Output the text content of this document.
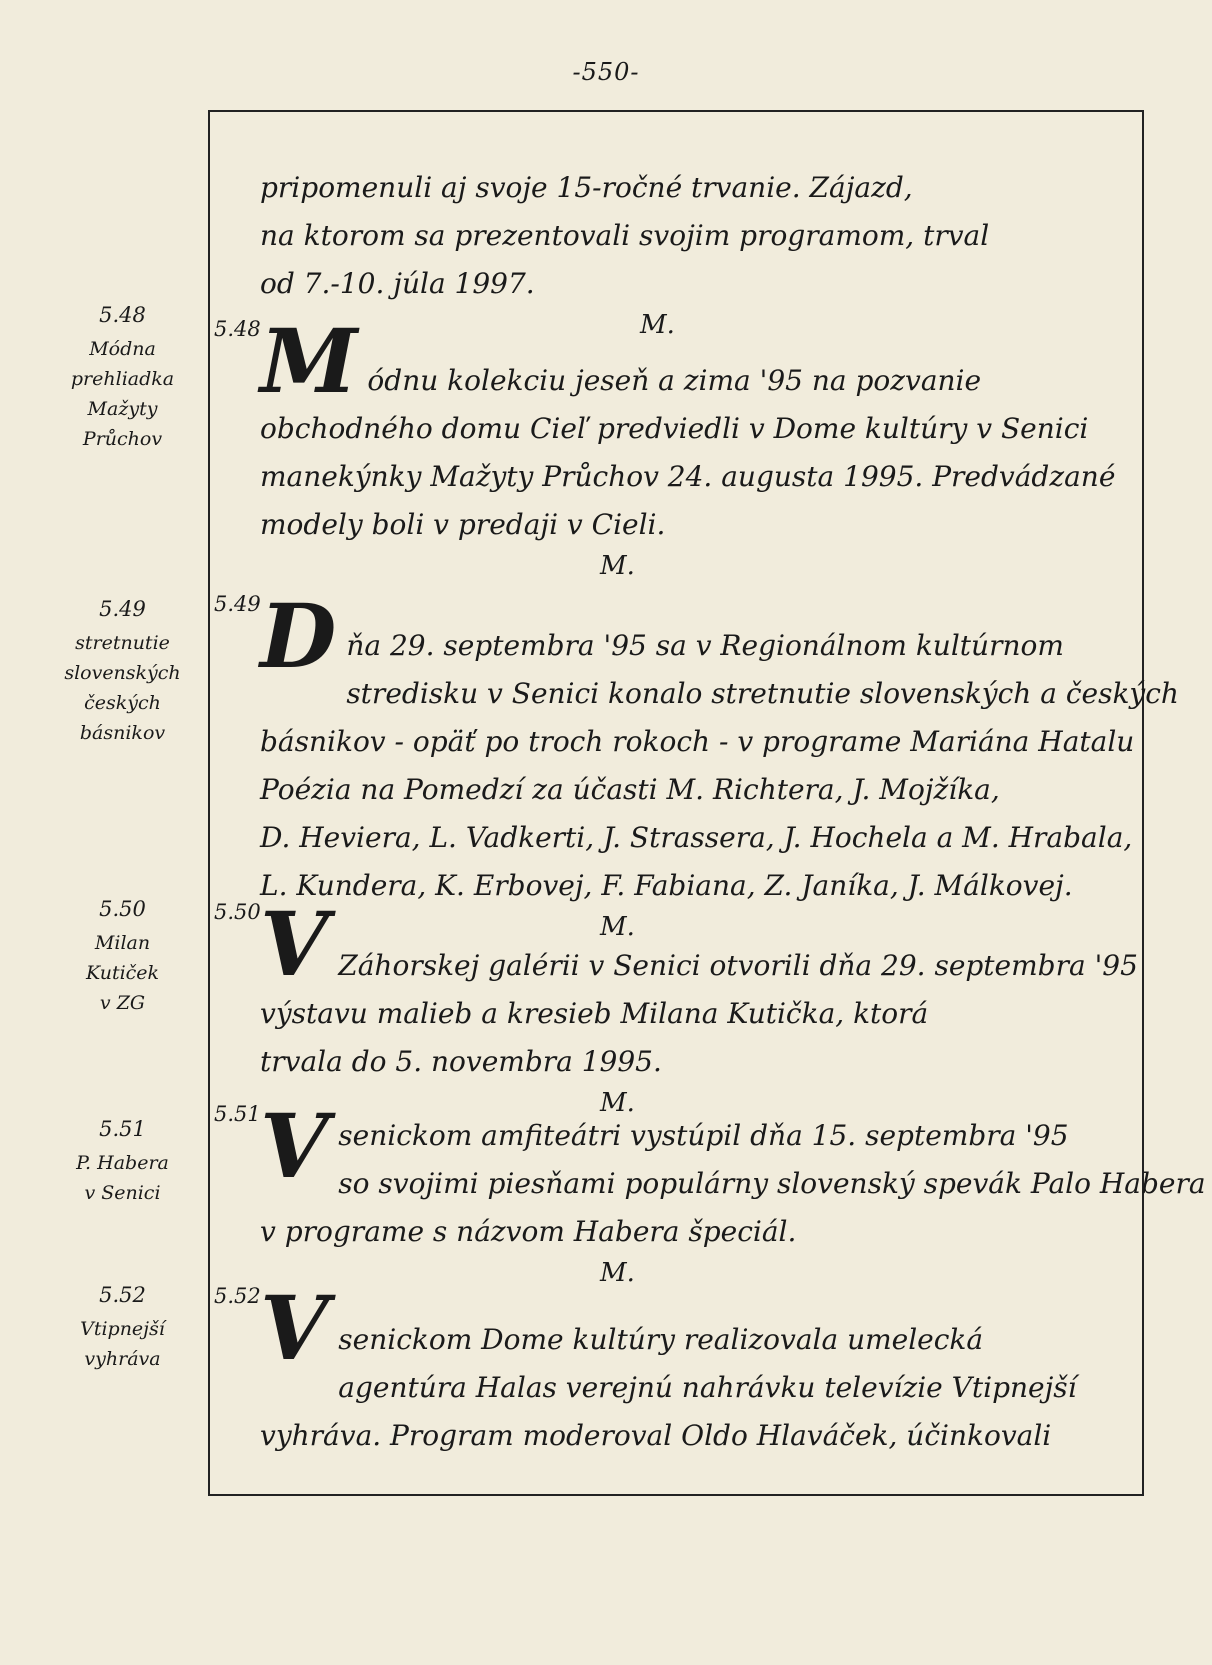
-550-
5.48
Módna
prehliadka
Mažyty
Průchov
5.49
stretnutie
slovenských
českých
básnikov
5.50
Milan
Kutiček
v ZG
5.51
P. Habera
v Senici
5.52
Vtipnejší
vyhráva
pripomenuli aj svoje 15-ročné trvanie. Zájazd,
na ktorom sa prezentovali svojim programom, trval
od 7.-10. júla 1997.
M.
5.48 M ódnu kolekciu jeseň a zima '95 na pozvanie
obchodného domu Cieľ predviedli v Dome kultúry v Senici
manekýnky Mažyty Průchov 24. augusta 1995. Predvádzané
modely boli v predaji v Cieli.
M.
5.49 D ňa 29. septembra '95 sa v Regionálnom kultúrnom
stredisku v Senici konalo stretnutie slovenských a českých
básnikov - opäť po troch rokoch - v programe Mariána Hatalu
Poézia na Pomedzí za účasti M. Richtera, J. Mojžíka,
D. Heviera, L. Vadkerti, J. Strassera, J. Hochela a M. Hrabala,
L. Kundera, K. Erbovej, F. Fabiana, Z. Janíka, J. Málkovej.
M.
5.50 V Záhorskej galérii v Senici otvorili dňa 29. septembra '95
výstavu malieb a kresieb Milana Kutička, ktorá
trvala do 5. novembra 1995.
M.
5.51 V senickom amfiteátri vystúpil dňa 15. septembra '95
so svojimi piesňami populárny slovenský spevák Palo Habera
v programe s názvom Habera špeciál.
M.
5.52 V senickom Dome kultúry realizovala umelecká
agentúra Halas verejnú nahrávku televízie Vtipnejší
vyhráva. Program moderoval Oldo Hlaváček, účinkovali
